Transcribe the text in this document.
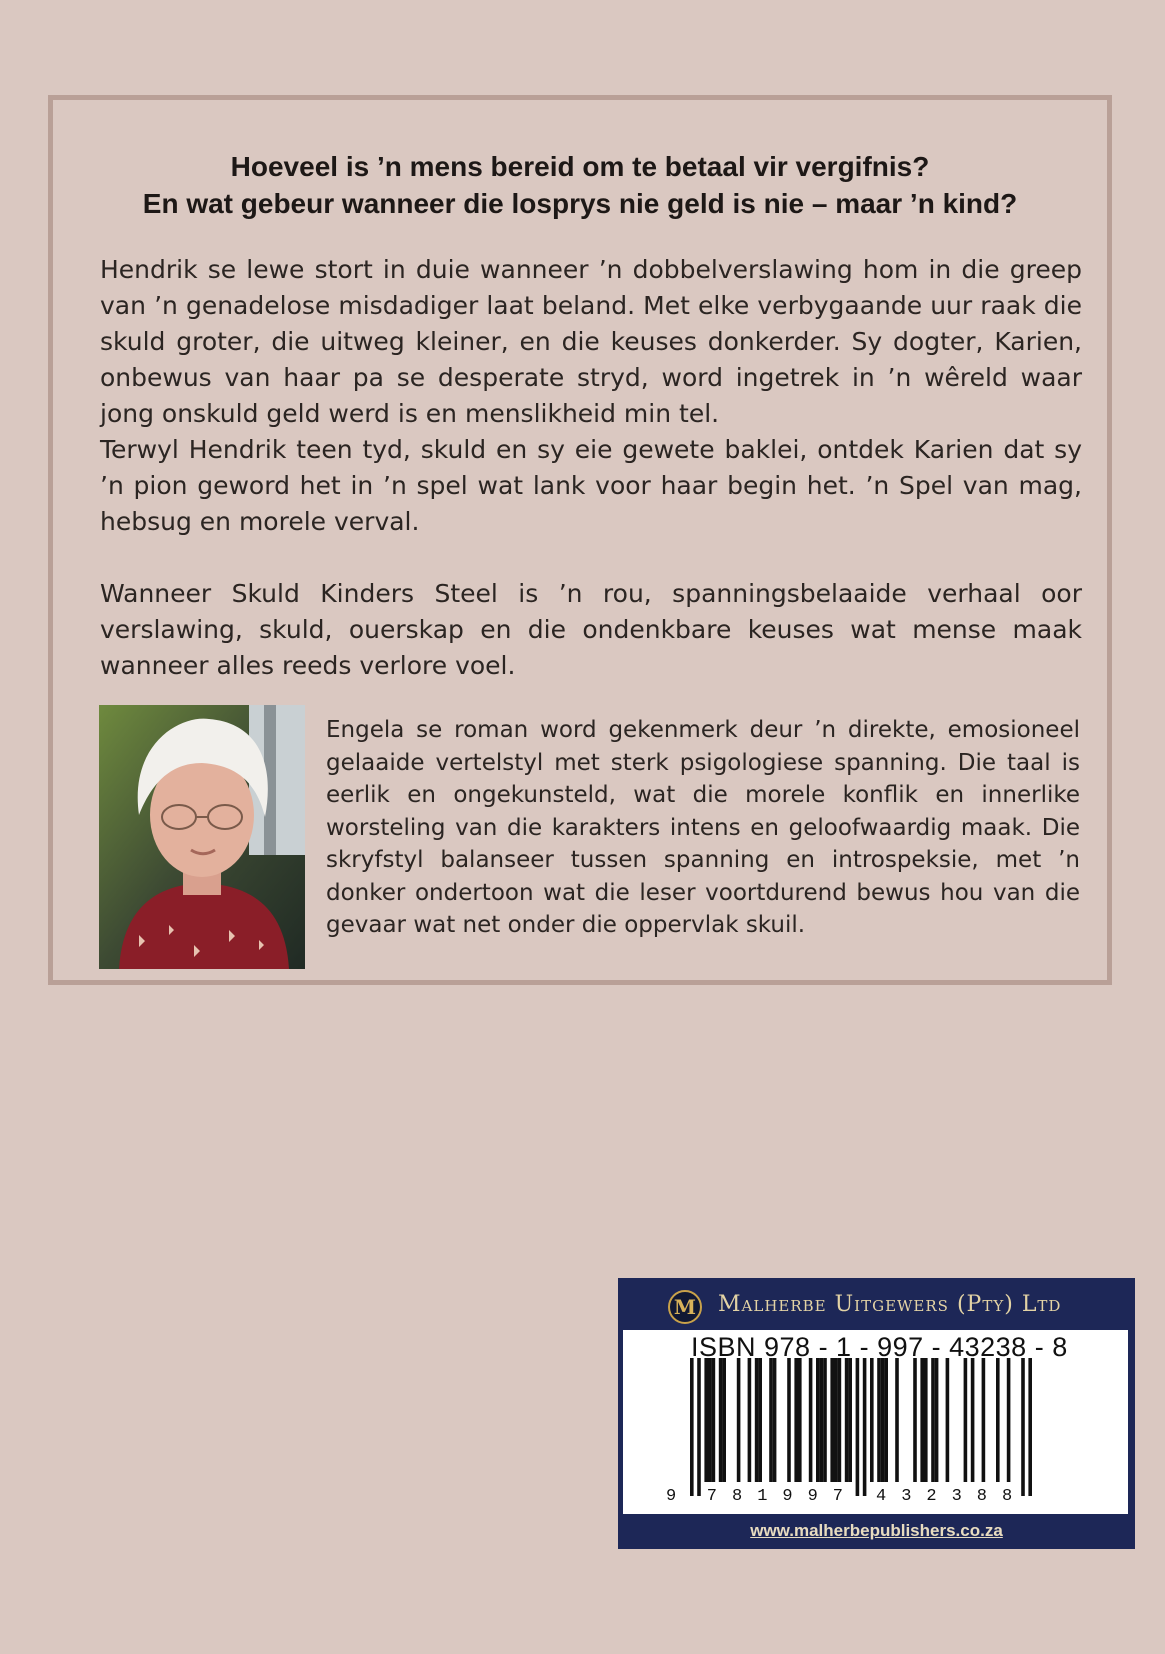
Hoeveel is ’n mens bereid om te betaal vir vergifnis?
En wat gebeur wanneer die losprys nie geld is nie – maar ’n kind?

Hendrik se lewe stort in duie wanneer ’n dobbelverslawing hom in die greep van ’n genadelose misdadiger laat beland. Met elke verbygaande uur raak die skuld groter, die uitweg kleiner, en die keuses donkerder. Sy dogter, Karien, onbewus van haar pa se desperate stryd, word ingetrek in ’n wêreld waar jong onskuld geld werd is en menslikheid min tel.

Terwyl Hendrik teen tyd, skuld en sy eie gewete baklei, ontdek Karien dat sy ’n pion geword het in ’n spel wat lank voor haar begin het. ’n Spel van mag, hebsug en morele verval.

Wanneer Skuld Kinders Steel is ’n rou, spanningsbelaaide verhaal oor verslawing, skuld, ouerskap en die ondenkbare keuses wat mense maak wanneer alles reeds verlore voel.

Engela se roman word gekenmerk deur ’n direkte, emosioneel gelaaide vertelstyl met sterk psigologiese spanning. Die taal is eerlik en ongekunsteld, wat die morele konflik en innerlike worsteling van die karakters intens en geloofwaardig maak. Die skryfstyl balanseer tussen spanning en introspeksie, met ’n donker ondertoon wat die leser voortdurend bewus hou van die gevaar wat net onder die oppervlak skuil.
M Malherbe Uitgewers (Pty) Ltd
ISBN 978 - 1 - 997 - 43238 - 8
9 7 8 1 9 9 7 4 3 2 3 8 8
www.malherbepublishers.co.za
